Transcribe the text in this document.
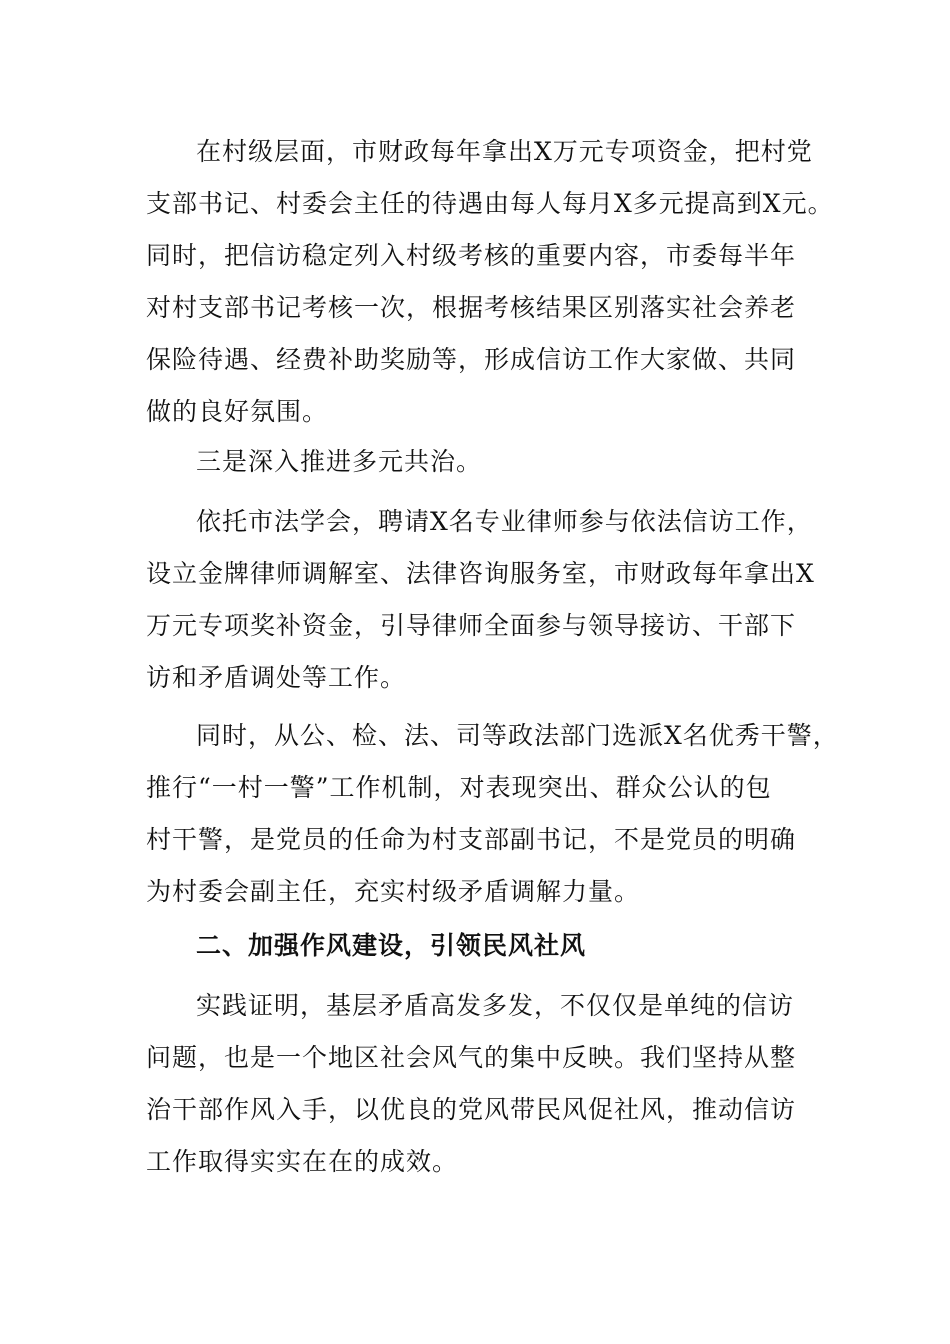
在村级层面，市财政每年拿出X万元专项资金，把村党
支部书记、村委会主任的待遇由每人每月X多元提高到X元。
同时，把信访稳定列入村级考核的重要内容，市委每半年
对村支部书记考核一次，根据考核结果区别落实社会养老
保险待遇、经费补助奖励等，形成信访工作大家做、共同
做的良好氛围。
三是深入推进多元共治。
依托市法学会，聘请X名专业律师参与依法信访工作，
设立金牌律师调解室、法律咨询服务室，市财政每年拿出X
万元专项奖补资金，引导律师全面参与领导接访、干部下
访和矛盾调处等工作。
同时，从公、检、法、司等政法部门选派X名优秀干警，
推行“一村一警”工作机制，对表现突出、群众公认的包
村干警，是党员的任命为村支部副书记，不是党员的明确
为村委会副主任，充实村级矛盾调解力量。
二、加强作风建设，引领民风社风
实践证明，基层矛盾高发多发，不仅仅是单纯的信访
问题，也是一个地区社会风气的集中反映。我们坚持从整
治干部作风入手，以优良的党风带民风促社风，推动信访
工作取得实实在在的成效。
